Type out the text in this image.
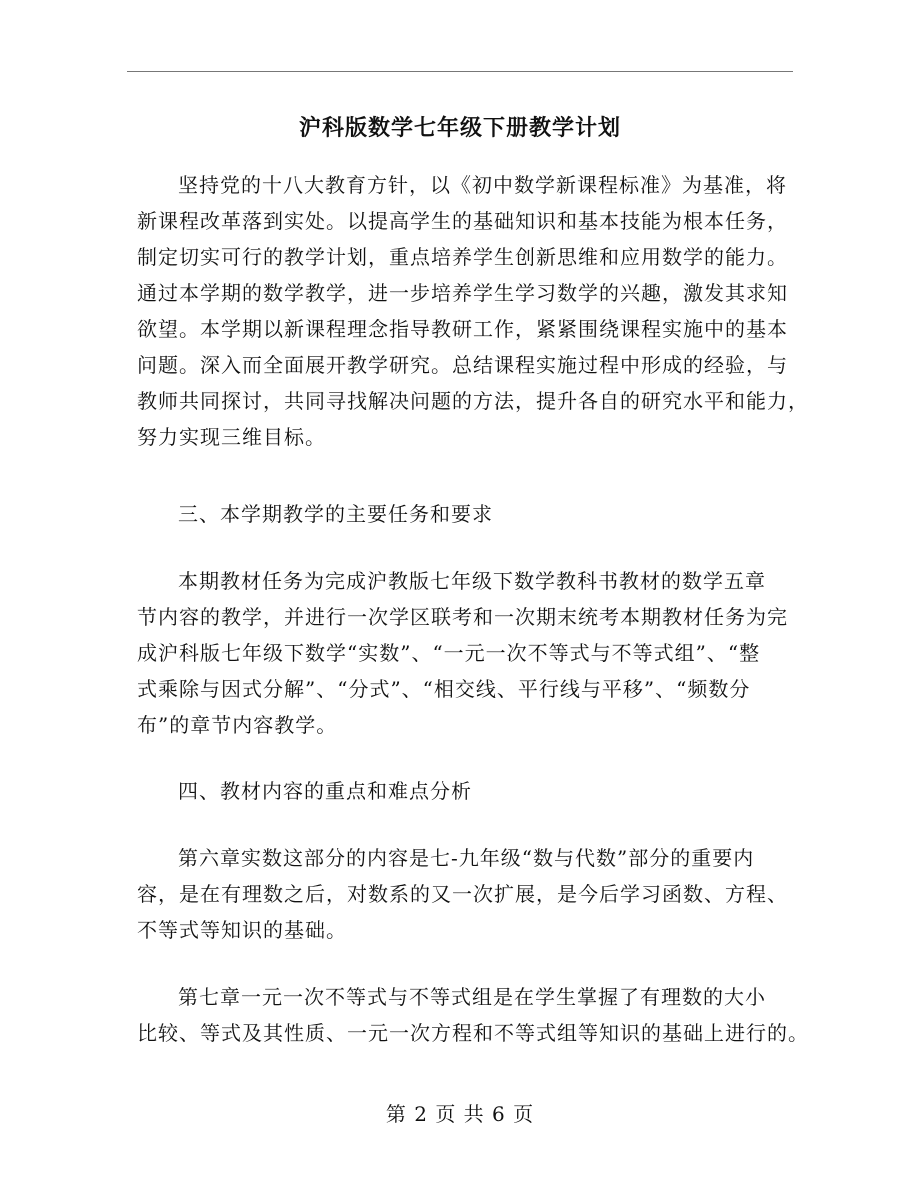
沪科版数学七年级下册教学计划
坚持党的十八大教育方针，以《初中数学新课程标准》为基准，将
新课程改革落到实处。以提高学生的基础知识和基本技能为根本任务，
制定切实可行的教学计划，重点培养学生创新思维和应用数学的能力。
通过本学期的数学教学，进一步培养学生学习数学的兴趣，激发其求知
欲望。本学期以新课程理念指导教研工作，紧紧围绕课程实施中的基本
问题。深入而全面展开教学研究。总结课程实施过程中形成的经验，与
教师共同探讨，共同寻找解决问题的方法，提升各自的研究水平和能力，
努力实现三维目标。
三、本学期教学的主要任务和要求
本期教材任务为完成沪教版七年级下数学教科书教材的数学五章
节内容的教学，并进行一次学区联考和一次期末统考本期教材任务为完
成沪科版七年级下数学“实数”、“一元一次不等式与不等式组”、“整
式乘除与因式分解”、“分式”、“相交线、平行线与平移”、“频数分
布”的章节内容教学。
四、教材内容的重点和难点分析
第六章实数这部分的内容是七-九年级“数与代数”部分的重要内
容，是在有理数之后，对数系的又一次扩展，是今后学习函数、方程、
不等式等知识的基础。
第七章一元一次不等式与不等式组是在学生掌握了有理数的大小
比较、等式及其性质、一元一次方程和不等式组等知识的基础上进行的。
第 2 页 共 6 页
